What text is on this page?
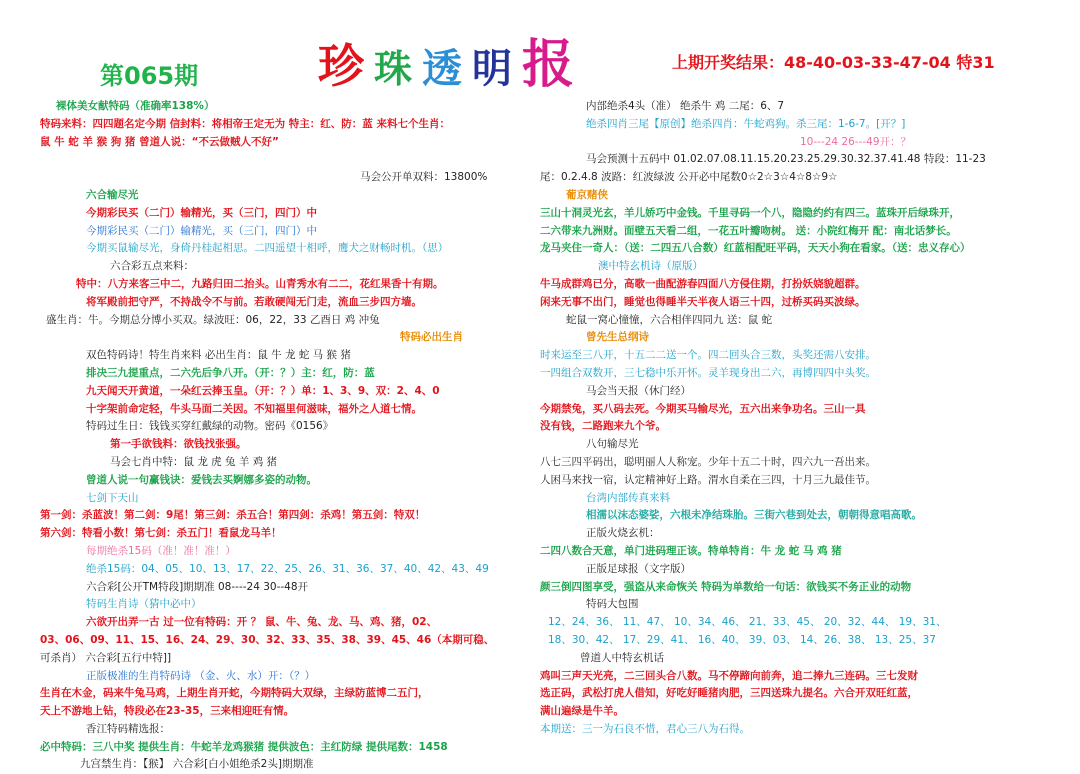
第065期	珍 珠 透 明 报	上期开奖结果：48-40-03-33-47-04 特31
裸体美女献特码（准确率138%）
特码来料：四四题名定今期 信封料：将相帝王定无为 特主：红、防：蓝 来料七个生肖：
鼠 牛 蛇 羊 猴 狗 猪 曾道人说：“不云做贼人不好”
马会公开单双料：13800%
六合输尽光
今期彩民买（二门）输精光，买（三门，四门）中
今期彩民买（二门）输精光，买（三门，四门）中
今期买鼠输尽光，身倚丹桂起相思。二四遥望十相呼，鹰犬之财畅时机。（思）
六合彩五点来料：
特中：八方来客三中二，九路归田二抬头。山青秀水有二二，花红果香十有期。
将军殿前把守严，不持战令不与前。若敢硬闯无门走，流血三步四方墙。
盛生肖：牛。今期总分博小买双。绿波旺：06，22，33 乙酉日 鸡 冲兔
特码必出生肖
双色特码诗！特生肖来料 必出生肖：鼠 牛 龙 蛇 马 猴 猪
排决三九提重点，二六先后争八开。（开：？）主：红，防：蓝
九天闻天开黄道，一朵红云捧玉皇。（开：？）单：1、3、9、双：2、4、0
十字架前命定轻，牛头马面二关因。不知福里何滋味，福外之人道七情。
特码过生日：钱钱买穿红戴绿的动物。密码《0156》
第一手欲钱料：欲钱找张强。
马会七肖中特：鼠 龙 虎 兔 羊 鸡 猪
曾道人说一句赢钱诀：爱钱去买婀娜多姿的动物。
七剑下天山
第一剑：杀蓝波！第二剑：9尾！第三剑：杀五合！第四剑：杀鸡！第五剑：特双！
第六剑：特看小数！第七剑：杀五门！看鼠龙马羊！
每期绝杀15码（准！准！准！）
绝杀15码：04、05、10、13、17、22、25、26、31、36、37、40、42、43、49
六合彩[公开TM特段]期期准 08----24 30--48开
特码生肖诗（猜中必中）
六欲开出弄一古 过一位有特码：开 ？ 鼠、牛、兔、龙、马、鸡、猪，02、
03、06、09、11、15、16、24、29、30、32、33、35、38、39、45、46（本期可稳、
可杀肖） 六合彩[五行中特]]
正版极准的生肖特码诗 （金、火、水）开：（？）
生肖在木金，码来牛兔马鸡，上期生肖开蛇，今期特码大双绿，主绿防蓝博二五门，
天上不游地上钻，特段必在23-35，三来相迎旺有情。
香江特码精选报：
必中特码：三八中奖 提供生肖：牛蛇羊龙鸡猴猪 提供波色：主红防绿 提供尾数：1458
九宫禁生肖：【猴】 六合彩[白小姐绝杀2头]期期准
内部绝杀4头（准） 绝杀牛 鸡 二尾：6、7
绝杀四肖三尾【原创】绝杀四肖：牛蛇鸡狗。杀三尾：1-6-7。[开？]
10---24 26---49开：？
马会预测十五码中 01.02.07.08.11.15.20.23.25.29.30.32.37.41.48 特段：11-23
尾：0.2.4.8 波路：红波绿波 公开必中尾数0☆2☆3☆4☆8☆9☆
葡京赌侠
三山十洞灵光玄，羊儿娇巧中金钱。千里寻码一个八，隐隐约约有四三。蓝珠开后绿珠开，
二六带来九洲财。面壁五天看二组，一花五叶瓣吻树。 送：小院红梅开 配：南北话梦长。
龙马夹住一奇人：（送：二四五八合数）红蓝相配旺平码，天天小狗在看家。（送：忠义存心）
澳中特玄机诗（原版）
牛马成群鸡已分，高歌一曲配游春四面八方侵住期，打扮妖娆貌超群。
闲来无事不出门，睡觉也得睡半天半夜人语三十四，过桥买码买波绿。
蛇鼠一窝心憧憧，六合相伴四同九 送：鼠 蛇
曾先生总纲诗
时来运至三八开，十五二二送一个。四二回头合三数，头奖还需八安排。
一四组合双数开，三七稳中乐开怀。灵羊现身出二六，再博四四中头奖。
马会当天报（休门经）
今期禁兔，买八码去死。今期买马输尽光，五六出来争功名。三山一具
没有钱，二路跑来九个爷。
八句输尽光
八七三四平码出，聪明丽人人称宠。少年十五二十时，四六九一吾出来。
人困马来找一宿，认定精神好上路。渭水自柔在三四，十月三九最佳节。
台湾内部传真来料
相濡以沫态婆娑，六根未净结珠胎。三街六巷到处去，朝朝得意唱高歌。
正版火烧玄机：
二四八数合天意，单门进码理正该。特单特肖：牛 龙 蛇 马 鸡 猪
正版足球报（文字版）
颜三倒四图享受，强盗从来命恢关 特码为单数给一句话：欲钱买不务正业的动物
特码大包围
12、24、36、 11、47、 10、34、46、 21、33、45、 20、32、44、 19、31、
18、30、42、 17、29、41、 16、40、 39、03、 14、26、38、 13、25、37
曾道人中特玄机话
鸡叫三声天光亮，二三回头合八数。马不停蹄向前奔，追二捧九三连码。三七发财
选正码，武松打虎人借知，好吃好睡猪肉肥，三四送珠九提名。六合开双旺红蓝，
满山遍绿是牛羊。
本期送：三一为石良不惜，君心三八为石得。
